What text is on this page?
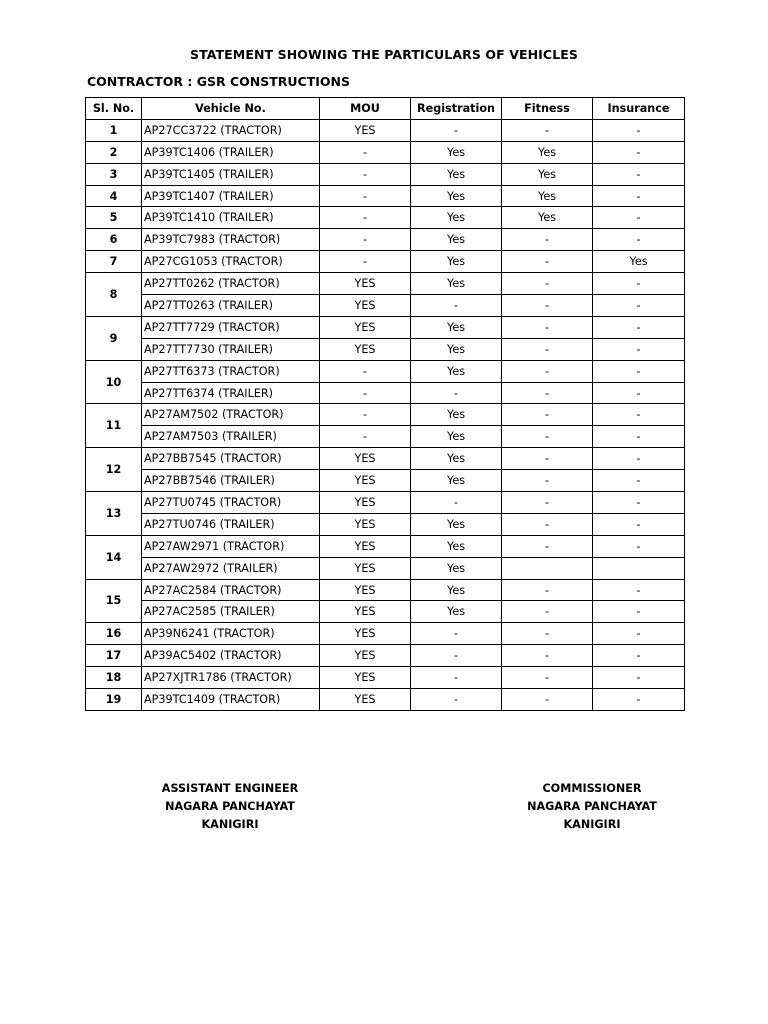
STATEMENT SHOWING THE PARTICULARS OF VEHICLES
CONTRACTOR : GSR CONSTRUCTIONS
Sl. No.	Vehicle No.	MOU	Registration	Fitness	Insurance
1	AP27CC3722 (TRACTOR)	YES	-	-	-
2	AP39TC1406 (TRAILER)	-	Yes	Yes	-
3	AP39TC1405 (TRAILER)	-	Yes	Yes	-
4	AP39TC1407 (TRAILER)	-	Yes	Yes	-
5	AP39TC1410 (TRAILER)	-	Yes	Yes	-
6	AP39TC7983 (TRACTOR)	-	Yes	-	-
7	AP27CG1053 (TRACTOR)	-	Yes	-	Yes
8	AP27TT0262 (TRACTOR)	YES	Yes	-	-
	AP27TT0263 (TRAILER)	YES	-	-	-
9	AP27TT7729 (TRACTOR)	YES	Yes	-	-
	AP27TT7730 (TRAILER)	YES	Yes	-	-
10	AP27TT6373 (TRACTOR)	-	Yes	-	-
	AP27TT6374 (TRAILER)	-	-	-	-
11	AP27AM7502 (TRACTOR)	-	Yes	-	-
	AP27AM7503 (TRAILER)	-	Yes	-	-
12	AP27BB7545 (TRACTOR)	YES	Yes	-	-
	AP27BB7546 (TRAILER)	YES	Yes	-	-
13	AP27TU0745 (TRACTOR)	YES	-	-	-
	AP27TU0746 (TRAILER)	YES	Yes	-	-
14	AP27AW2971 (TRACTOR)	YES	Yes	-	-
	AP27AW2972 (TRAILER)	YES	Yes		
15	AP27AC2584 (TRACTOR)	YES	Yes	-	-
	AP27AC2585 (TRAILER)	YES	Yes	-	-
16	AP39N6241 (TRACTOR)	YES	-	-	-
17	AP39AC5402 (TRACTOR)	YES	-	-	-
18	AP27XJTR1786 (TRACTOR)	YES	-	-	-
19	AP39TC1409 (TRACTOR)	YES	-	-	-
ASSISTANT ENGINEER
NAGARA PANCHAYAT
KANIGIRI
COMMISSIONER
NAGARA PANCHAYAT
KANIGIRI
